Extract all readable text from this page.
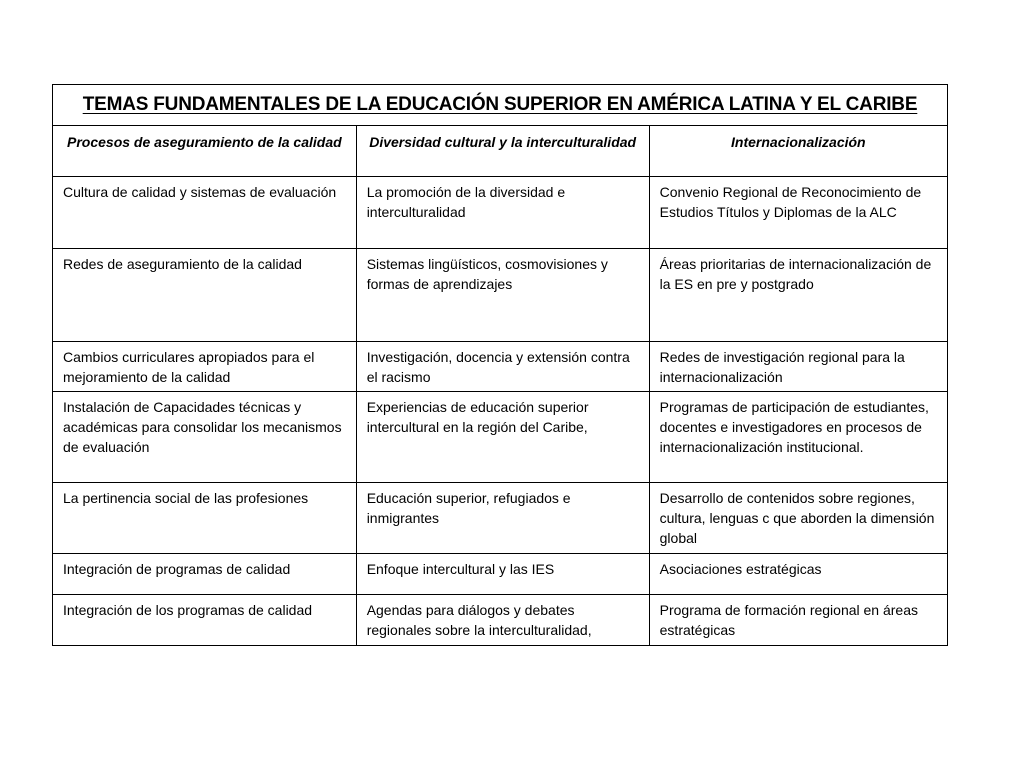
TEMAS FUNDAMENTALES DE LA EDUCACIÓN SUPERIOR EN AMÉRICA LATINA Y EL CARIBE		
Procesos de aseguramiento de la calidad	Diversidad cultural y la interculturalidad	Internacionalización
Cultura de calidad y sistemas de evaluación	La promoción de la diversidad e interculturalidad	Convenio Regional de Reconocimiento de Estudios Títulos y Diplomas de la ALC
Redes de aseguramiento de la calidad	Sistemas lingüísticos, cosmovisiones y formas de aprendizajes	Áreas prioritarias de internacionalización de la ES en pre y postgrado
Cambios curriculares apropiados para el mejoramiento de la calidad	Investigación, docencia y extensión contra el racismo	Redes de investigación regional para la internacionalización
Instalación de Capacidades técnicas y académicas para consolidar los mecanismos de evaluación	Experiencias de educación superior intercultural en la región del Caribe,	Programas de participación de estudiantes, docentes e investigadores en procesos de internacionalización institucional.
La pertinencia social de las profesiones	Educación superior, refugiados e inmigrantes	Desarrollo de contenidos sobre regiones, cultura, lenguas c que aborden la dimensión global
Integración de programas de calidad	Enfoque intercultural y las IES	Asociaciones estratégicas
Integración de los programas de calidad	Agendas para diálogos y debates regionales sobre la interculturalidad,	Programa de formación regional en áreas estratégicas
